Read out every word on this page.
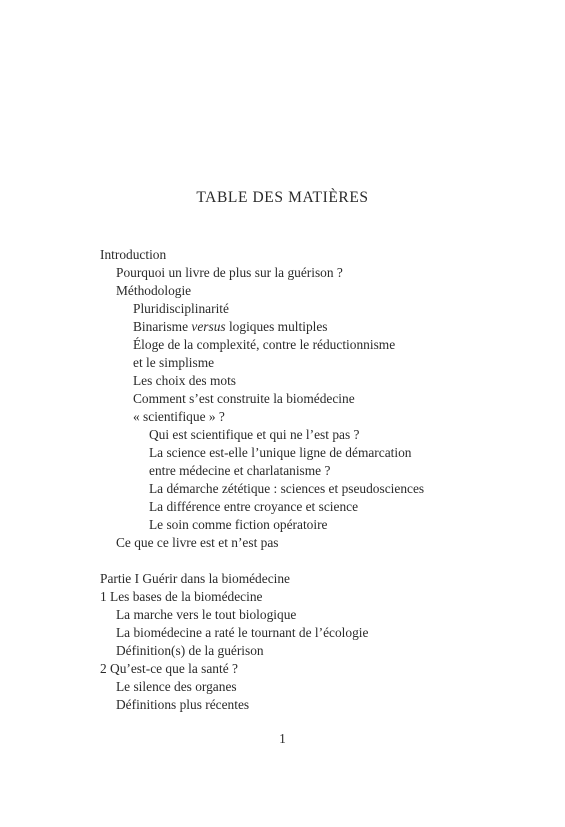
TABLE DES MATIÈRES
Introduction
Pourquoi un livre de plus sur la guérison ?
Méthodologie
Pluridisciplinarité
Binarisme versus logiques multiples
Éloge de la complexité, contre le réductionnisme
et le simplisme
Les choix des mots
Comment s’est construite la biomédecine
« scientifique » ?
Qui est scientifique et qui ne l’est pas ?
La science est-elle l’unique ligne de démarcation
entre médecine et charlatanisme ?
La démarche zététique : sciences et pseudosciences
La différence entre croyance et science
Le soin comme fiction opératoire
Ce que ce livre est et n’est pas
Partie I Guérir dans la biomédecine
1 Les bases de la biomédecine
La marche vers le tout biologique
La biomédecine a raté le tournant de l’écologie
Définition(s) de la guérison
2 Qu’est-ce que la santé ?
Le silence des organes
Définitions plus récentes
1
